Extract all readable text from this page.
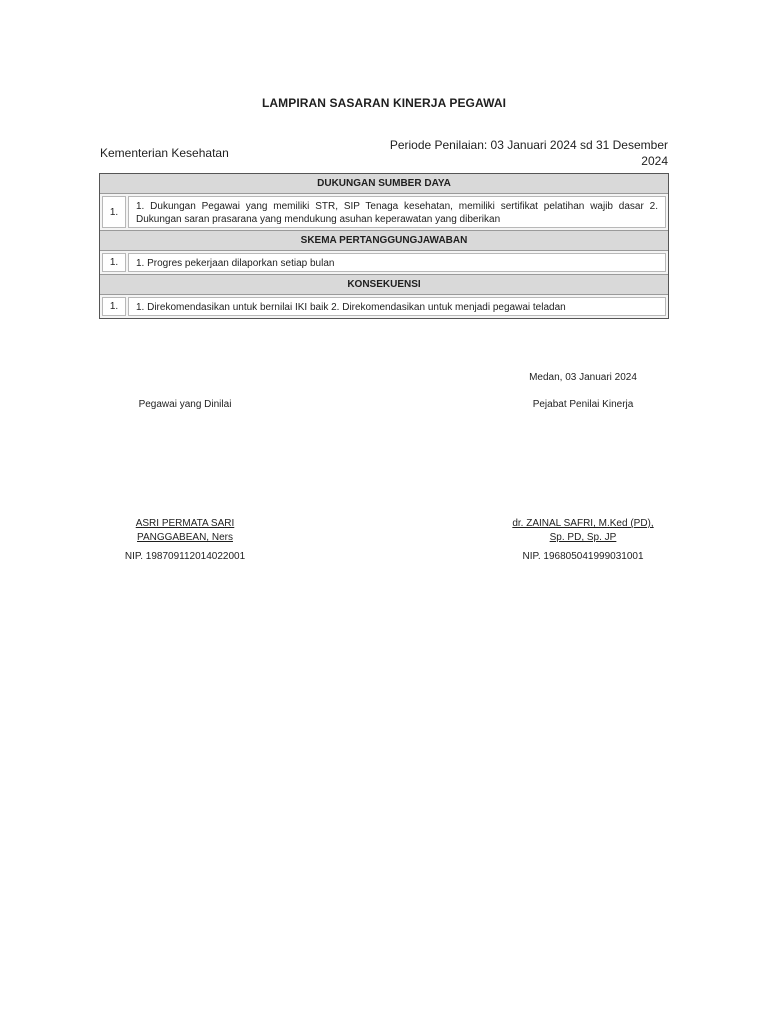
LAMPIRAN SASARAN KINERJA PEGAWAI
Kementerian Kesehatan
Periode Penilaian: 03 Januari 2024 sd 31 Desember 2024
DUKUNGAN SUMBER DAYA
1.	1. Dukungan Pegawai yang memiliki STR, SIP Tenaga kesehatan, memiliki sertifikat pelatihan wajib dasar 2. Dukungan saran prasarana yang mendukung asuhan keperawatan yang diberikan
SKEMA PERTANGGUNGJAWABAN
1.	1. Progres pekerjaan dilaporkan setiap bulan
KONSEKUENSI
1.	1. Direkomendasikan untuk bernilai IKI baik 2. Direkomendasikan untuk menjadi pegawai teladan
Medan, 03 Januari 2024
Pegawai yang Dinilai	Pejabat Penilai Kinerja
ASRI PERMATA SARI
PANGGABEAN, Ners
dr. ZAINAL SAFRI, M.Ked (PD),
Sp. PD, Sp. JP
NIP. 198709112014022001	NIP. 196805041999031001
